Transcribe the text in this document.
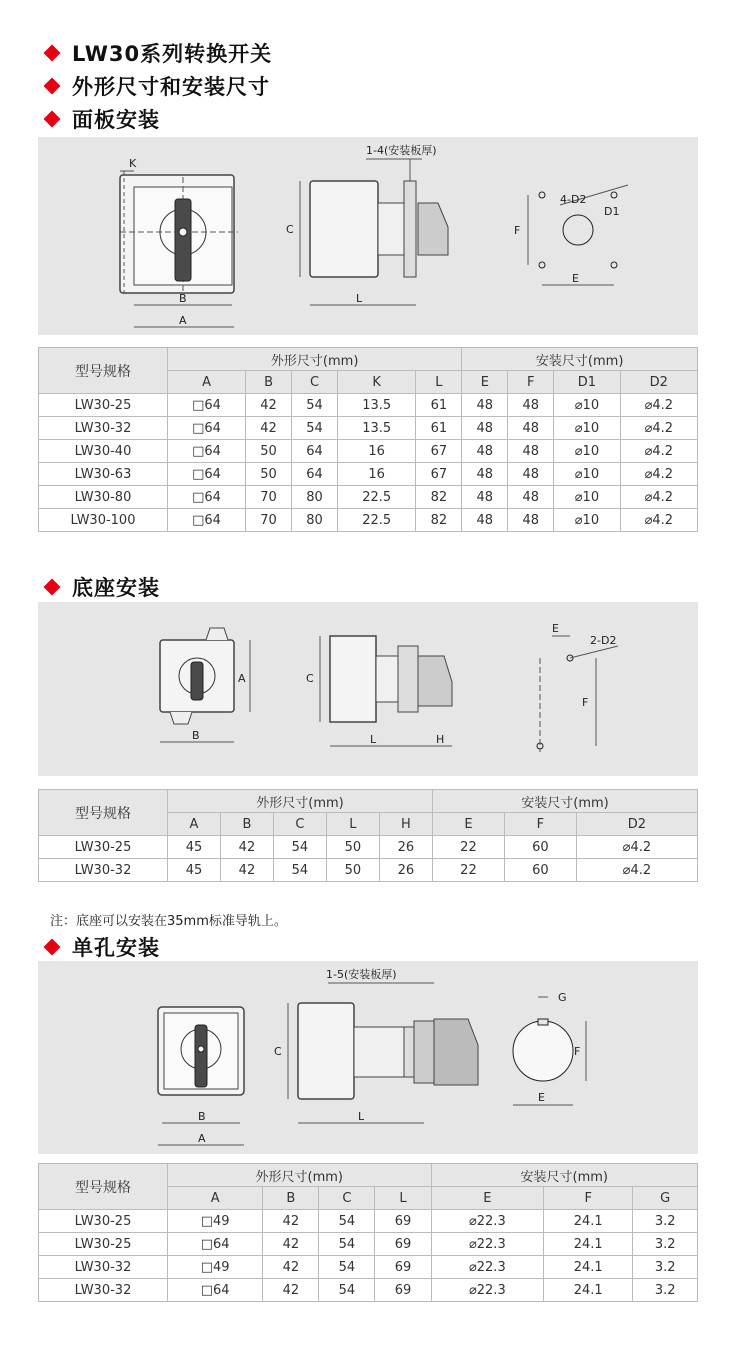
LW30系列转换开关
外形尺寸和安装尺寸
面板安装
K
B
A
C
L
1-4(安装板厚)
F
E
4-D2
D1
型号规格	外形尺寸(mm)					安装尺寸(mm)			
	A	B	C	K	L	E	F	D1	D2
LW30-25	□64	42	54	13.5	61	48	48	⌀10	⌀4.2
LW30-32	□64	42	54	13.5	61	48	48	⌀10	⌀4.2
LW30-40	□64	50	64	16	67	48	48	⌀10	⌀4.2
LW30-63	□64	50	64	16	67	48	48	⌀10	⌀4.2
LW30-80	□64	70	80	22.5	82	48	48	⌀10	⌀4.2
LW30-100	□64	70	80	22.5	82	48	48	⌀10	⌀4.2
底座安装
B
A	C
L	H
E
2-D2
F
型号规格	外形尺寸(mm)					安装尺寸(mm)		
	A	B	C	L	H	E	F	D2
LW30-25	45	42	54	50	26	22	60	⌀4.2
LW30-32	45	42	54	50	26	22	60	⌀4.2
注：底座可以安装在35mm标准导轨上。
单孔安装
B
A
C
L
1-5(安装板厚)
G
F
E
型号规格	外形尺寸(mm)				安装尺寸(mm)		
	A	B	C	L	E	F	G
LW30-25	□49	42	54	69	⌀22.3	24.1	3.2
LW30-25	□64	42	54	69	⌀22.3	24.1	3.2
LW30-32	□49	42	54	69	⌀22.3	24.1	3.2
LW30-32	□64	42	54	69	⌀22.3	24.1	3.2
